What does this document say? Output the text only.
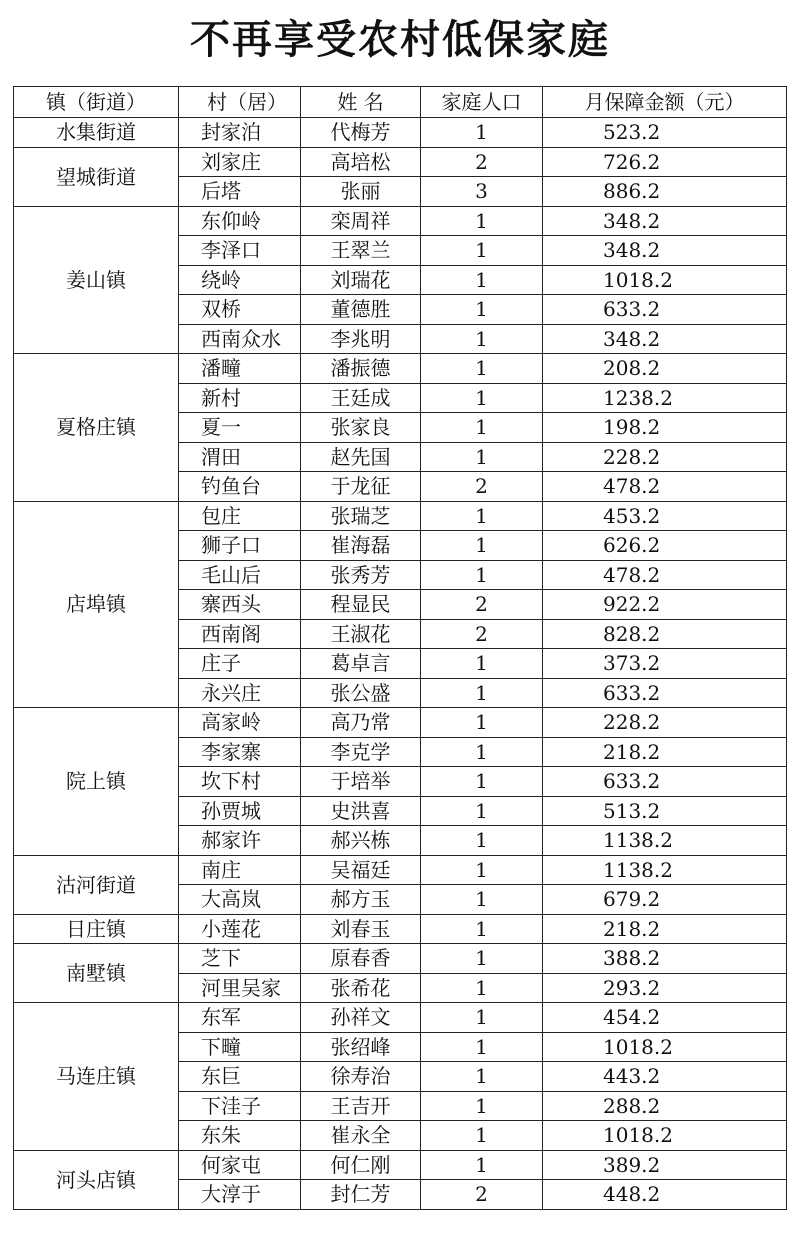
不再享受农村低保家庭
镇（街道）	村（居）	姓 名	家庭人口	月保障金额（元）
水集街道	封家泊	代梅芳	1	523.2
望城街道	刘家庄	高培松	2	726.2
	后塔	张丽	3	886.2
姜山镇	东仰岭	栾周祥	1	348.2
	李泽口	王翠兰	1	348.2
	绕岭	刘瑞花	1	1018.2
	双桥	董德胜	1	633.2
	西南众水	李兆明	1	348.2
夏格庄镇	潘疃	潘振德	1	208.2
	新村	王廷成	1	1238.2
	夏一	张家良	1	198.2
	渭田	赵先国	1	228.2
	钓鱼台	于龙征	2	478.2
店埠镇	包庄	张瑞芝	1	453.2
	狮子口	崔海磊	1	626.2
	毛山后	张秀芳	1	478.2
	寨西头	程显民	2	922.2
	西南阁	王淑花	2	828.2
	庄子	葛卓言	1	373.2
	永兴庄	张公盛	1	633.2
院上镇	高家岭	高乃常	1	228.2
	李家寨	李克学	1	218.2
	坎下村	于培举	1	633.2
	孙贾城	史洪喜	1	513.2
	郝家许	郝兴栋	1	1138.2
沽河街道	南庄	吴福廷	1	1138.2
	大高岚	郝方玉	1	679.2
日庄镇	小莲花	刘春玉	1	218.2
南墅镇	芝下	原春香	1	388.2
	河里吴家	张希花	1	293.2
马连庄镇	东军	孙祥文	1	454.2
	下疃	张绍峰	1	1018.2
	东巨	徐寿治	1	443.2
	下洼子	王吉开	1	288.2
	东朱	崔永全	1	1018.2
河头店镇	何家屯	何仁刚	1	389.2
	大淳于	封仁芳	2	448.2
